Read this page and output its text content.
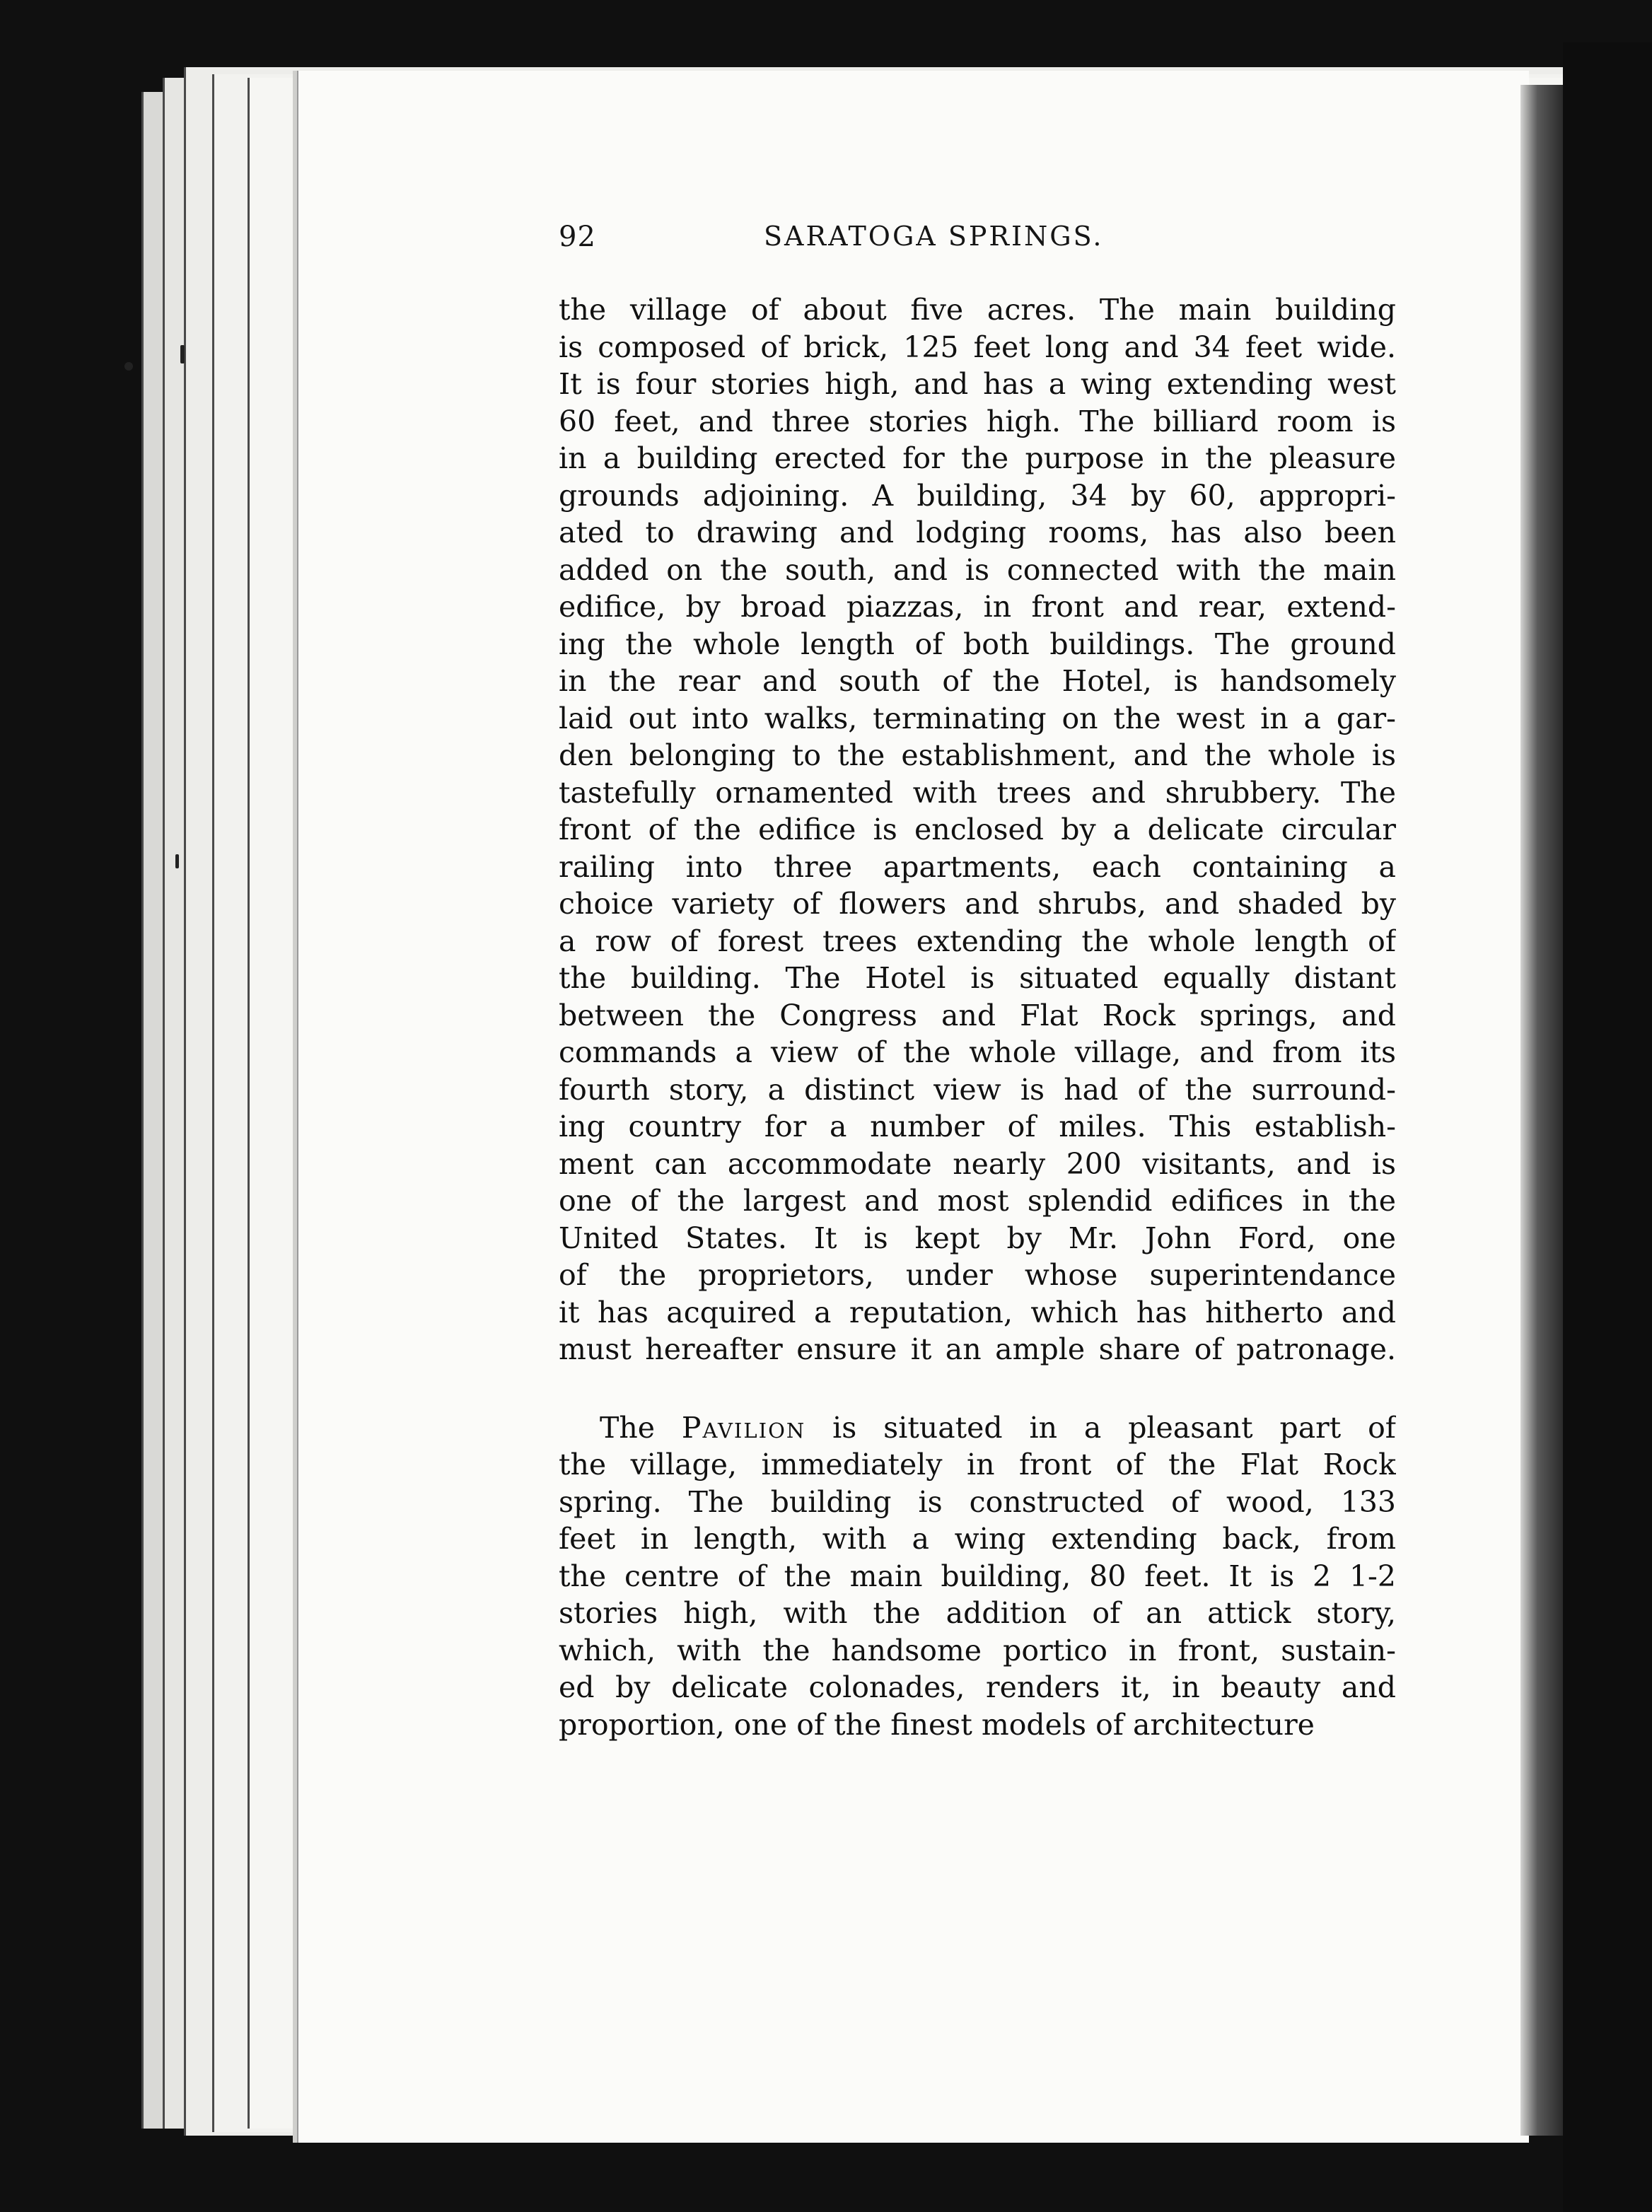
92	SARATOGA SPRINGS.
the village of about five acres. The main building
is composed of brick, 125 feet long and 34 feet wide.
It is four stories high, and has a wing extending west
60 feet, and three stories high. The billiard room is
in a building erected for the purpose in the pleasure
grounds adjoining. A building, 34 by 60, appropri-
ated to drawing and lodging rooms, has also been
added on the south, and is connected with the main
edifice, by broad piazzas, in front and rear, extend-
ing the whole length of both buildings. The ground
in the rear and south of the Hotel, is handsomely
laid out into walks, terminating on the west in a gar-
den belonging to the establishment, and the whole is
tastefully ornamented with trees and shrubbery. The
front of the edifice is enclosed by a delicate circular
railing into three apartments, each containing a
choice variety of flowers and shrubs, and shaded by
a row of forest trees extending the whole length of
the building. The Hotel is situated equally distant
between the Congress and Flat Rock springs, and
commands a view of the whole village, and from its
fourth story, a distinct view is had of the surround-
ing country for a number of miles. This establish-
ment can accommodate nearly 200 visitants, and is
one of the largest and most splendid edifices in the
United States. It is kept by Mr. John Ford, one
of the proprietors, under whose superintendance
it has acquired a reputation, which has hitherto and
must hereafter ensure it an ample share of patronage.
The Pavilion is situated in a pleasant part of
the village, immediately in front of the Flat Rock
spring. The building is constructed of wood, 133
feet in length, with a wing extending back, from
the centre of the main building, 80 feet. It is 2 1-2
stories high, with the addition of an attick story,
which, with the handsome portico in front, sustain-
ed by delicate colonades, renders it, in beauty and
proportion, one of the finest models of architecture
